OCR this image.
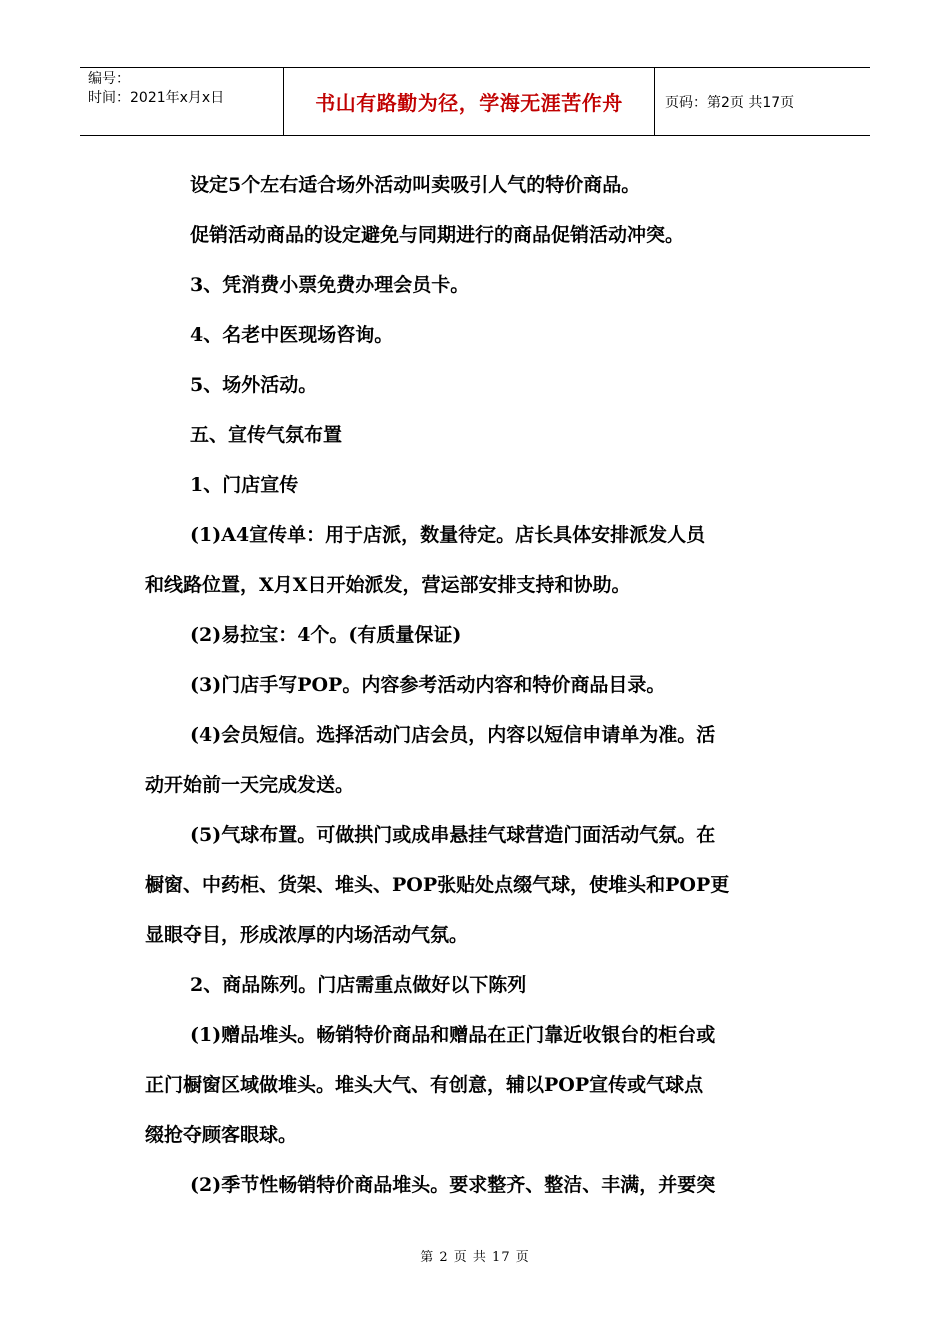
编号：
时间：2021年x月x日	书山有路勤为径，学海无涯苦作舟	页码：第2页 共17页
设定5个左右适合场外活动叫卖吸引人气的特价商品。
促销活动商品的设定避免与同期进行的商品促销活动冲突。
3、凭消费小票免费办理会员卡。
4、名老中医现场咨询。
5、场外活动。
五、宣传气氛布置
1、门店宣传
(1)A4宣传单：用于店派，数量待定。店长具体安排派发人员
和线路位置，X月X日开始派发，营运部安排支持和协助。
(2)易拉宝：4个。(有质量保证)
(3)门店手写POP。内容参考活动内容和特价商品目录。
(4)会员短信。选择活动门店会员，内容以短信申请单为准。活
动开始前一天完成发送。
(5)气球布置。可做拱门或成串悬挂气球营造门面活动气氛。在
橱窗、中药柜、货架、堆头、POP张贴处点缀气球，使堆头和POP更
显眼夺目，形成浓厚的内场活动气氛。
2、商品陈列。门店需重点做好以下陈列
(1)赠品堆头。畅销特价商品和赠品在正门靠近收银台的柜台或
正门橱窗区域做堆头。堆头大气、有创意，辅以POP宣传或气球点
缀抢夺顾客眼球。
(2)季节性畅销特价商品堆头。要求整齐、整洁、丰满，并要突
第 2 页 共 17 页
